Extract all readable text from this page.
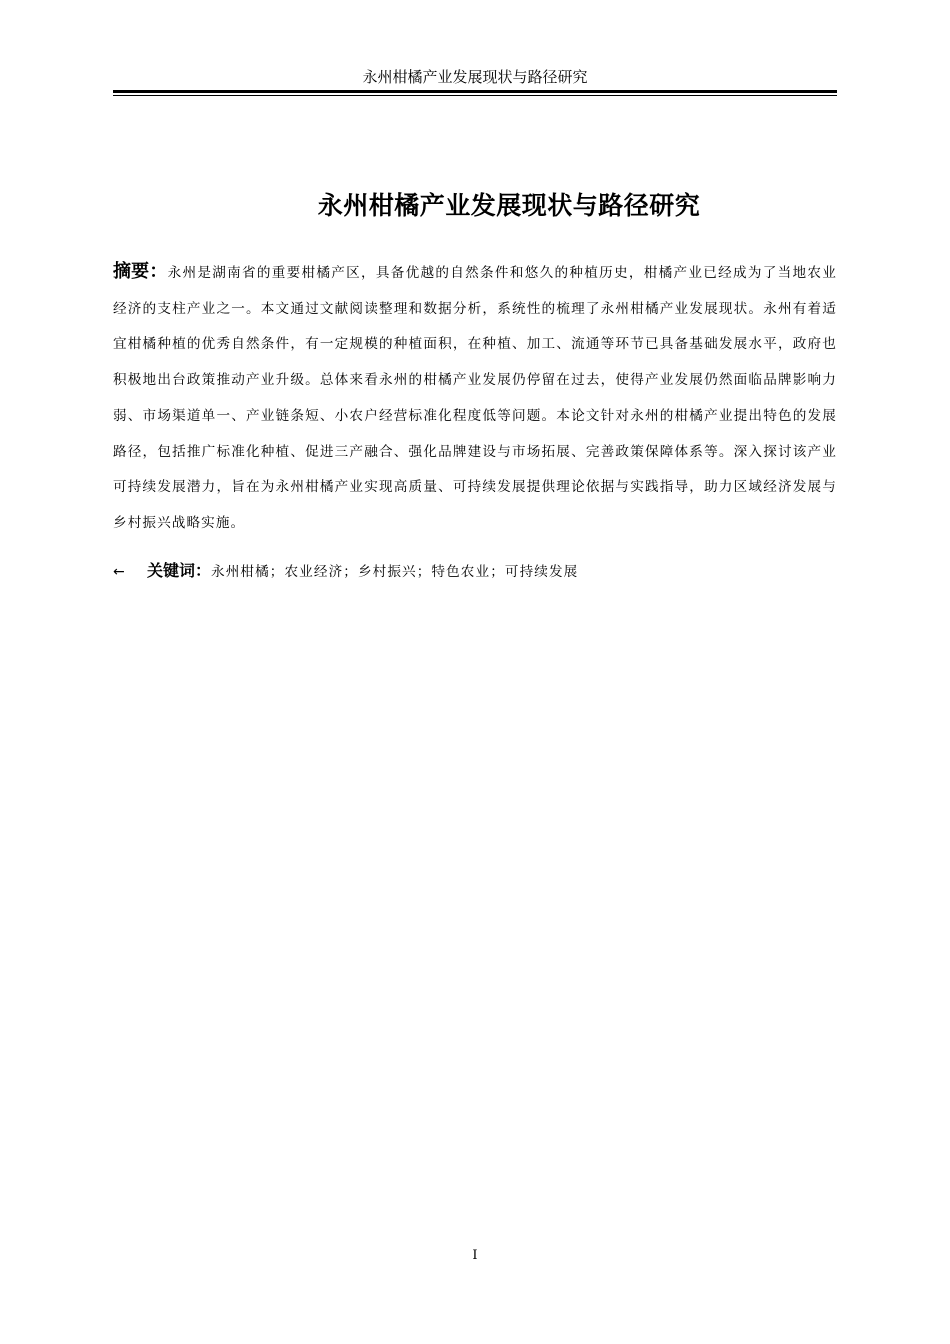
永州柑橘产业发展现状与路径研究
永州柑橘产业发展现状与路径研究
摘要：永州是湖南省的重要柑橘产区，具备优越的自然条件和悠久的种植历史，柑橘产业已经成为了当地农业经济的支柱产业之一。本文通过文献阅读整理和数据分析，系统性的梳理了永州柑橘产业发展现状。永州有着适宜柑橘种植的优秀自然条件，有一定规模的种植面积，在种植、加工、流通等环节已具备基础发展水平，政府也积极地出台政策推动产业升级。总体来看永州的柑橘产业发展仍停留在过去，使得产业发展仍然面临品牌影响力弱、市场渠道单一、产业链条短、小农户经营标准化程度低等问题。本论文针对永州的柑橘产业提出特色的发展路径，包括推广标准化种植、促进三产融合、强化品牌建设与市场拓展、完善政策保障体系等。深入探讨该产业可持续发展潜力，旨在为永州柑橘产业实现高质量、可持续发展提供理论依据与实践指导，助力区域经济发展与乡村振兴战略实施。
← 关键词：永州柑橘；农业经济；乡村振兴；特色农业；可持续发展
I
